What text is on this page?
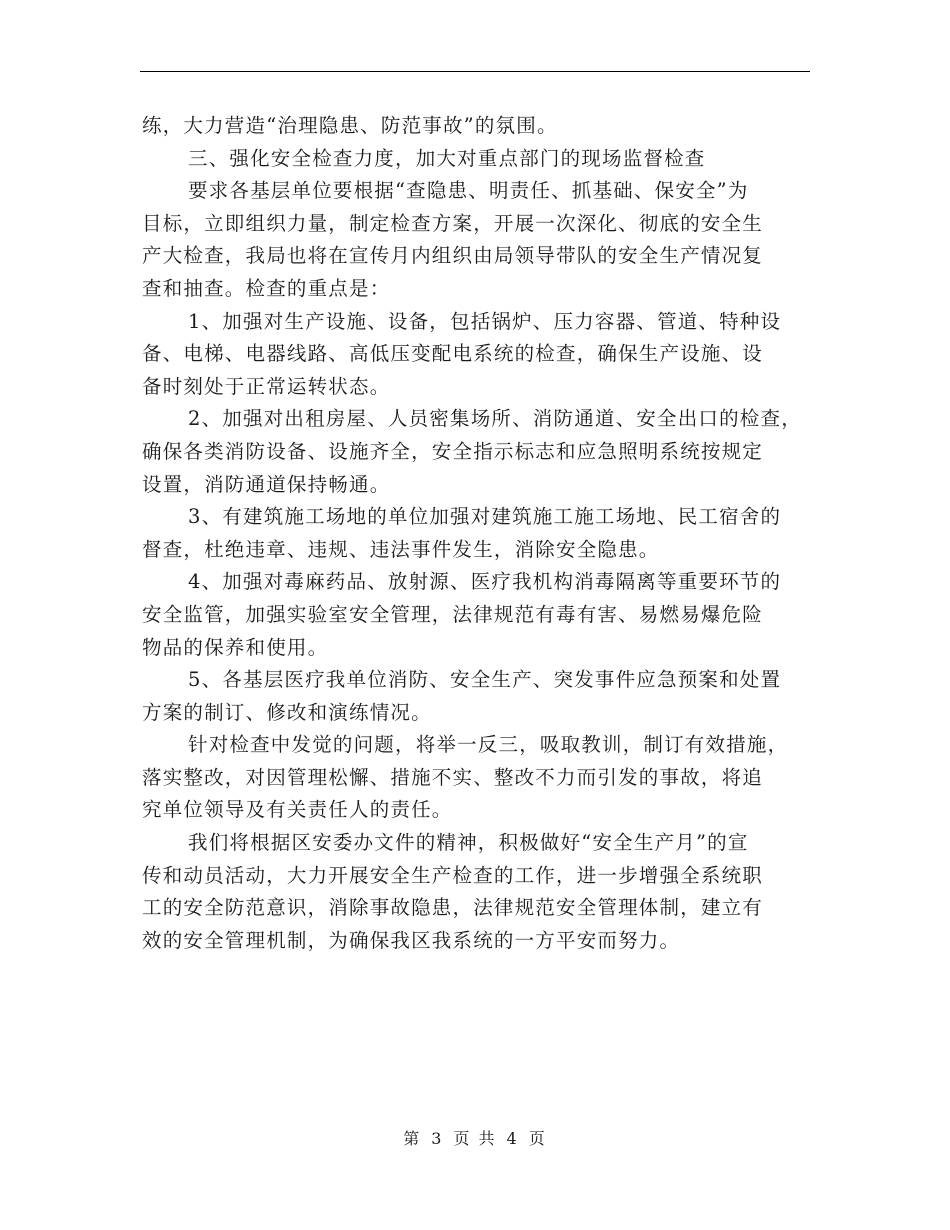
练，大力营造“治理隐患、防范事故”的氛围。
三、强化安全检查力度，加大对重点部门的现场监督检查
要求各基层单位要根据“查隐患、明责任、抓基础、保安全”为
目标，立即组织力量，制定检查方案，开展一次深化、彻底的安全生
产大检查，我局也将在宣传月内组织由局领导带队的安全生产情况复
查和抽查。检查的重点是：
1、加强对生产设施、设备，包括锅炉、压力容器、管道、特种设
备、电梯、电器线路、高低压变配电系统的检查，确保生产设施、设
备时刻处于正常运转状态。
2、加强对出租房屋、人员密集场所、消防通道、安全出口的检查，
确保各类消防设备、设施齐全，安全指示标志和应急照明系统按规定
设置，消防通道保持畅通。
3、有建筑施工场地的单位加强对建筑施工施工场地、民工宿舍的
督查，杜绝违章、违规、违法事件发生，消除安全隐患。
4、加强对毒麻药品、放射源、医疗我机构消毒隔离等重要环节的
安全监管，加强实验室安全管理，法律规范有毒有害、易燃易爆危险
物品的保养和使用。
5、各基层医疗我单位消防、安全生产、突发事件应急预案和处置
方案的制订、修改和演练情况。
针对检查中发觉的问题，将举一反三，吸取教训，制订有效措施，
落实整改，对因管理松懈、措施不实、整改不力而引发的事故，将追
究单位领导及有关责任人的责任。
我们将根据区安委办文件的精神，积极做好“安全生产月”的宣
传和动员活动，大力开展安全生产检查的工作，进一步增强全系统职
工的安全防范意识，消除事故隐患，法律规范安全管理体制，建立有
效的安全管理机制，为确保我区我系统的一方平安而努力。
第 3 页 共 4 页
